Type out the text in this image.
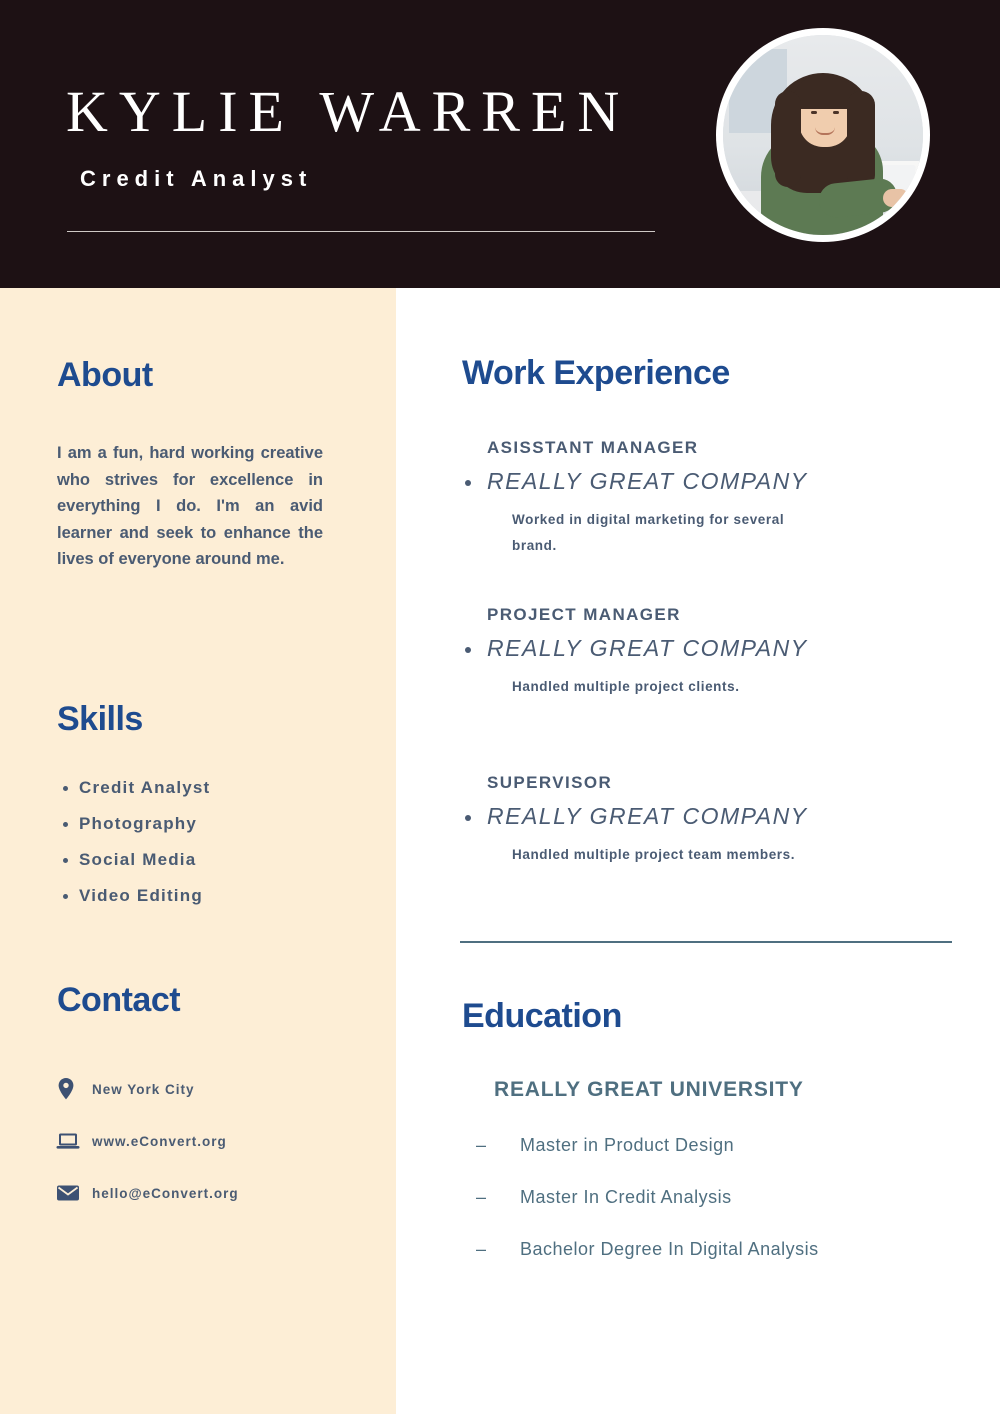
KYLIE WARREN
Credit Analyst
About
I am a fun, hard working creative who strives for excellence in everything I do. I'm an avid learner and seek to enhance the lives of everyone around me.
Skills
Credit Analyst
Photography
Social Media
Video Editing
Contact
New York City
www.eConvert.org
hello@eConvert.org
Work Experience
ASISSTANT MANAGER
REALLY GREAT COMPANY
Worked in digital marketing for several brand.
PROJECT MANAGER
REALLY GREAT COMPANY
Handled multiple project clients.
SUPERVISOR
REALLY GREAT COMPANY
Handled multiple project team members.
Education
REALLY GREAT UNIVERSITY
– Master in Product Design
– Master In Credit Analysis
– Bachelor Degree In Digital Analysis
